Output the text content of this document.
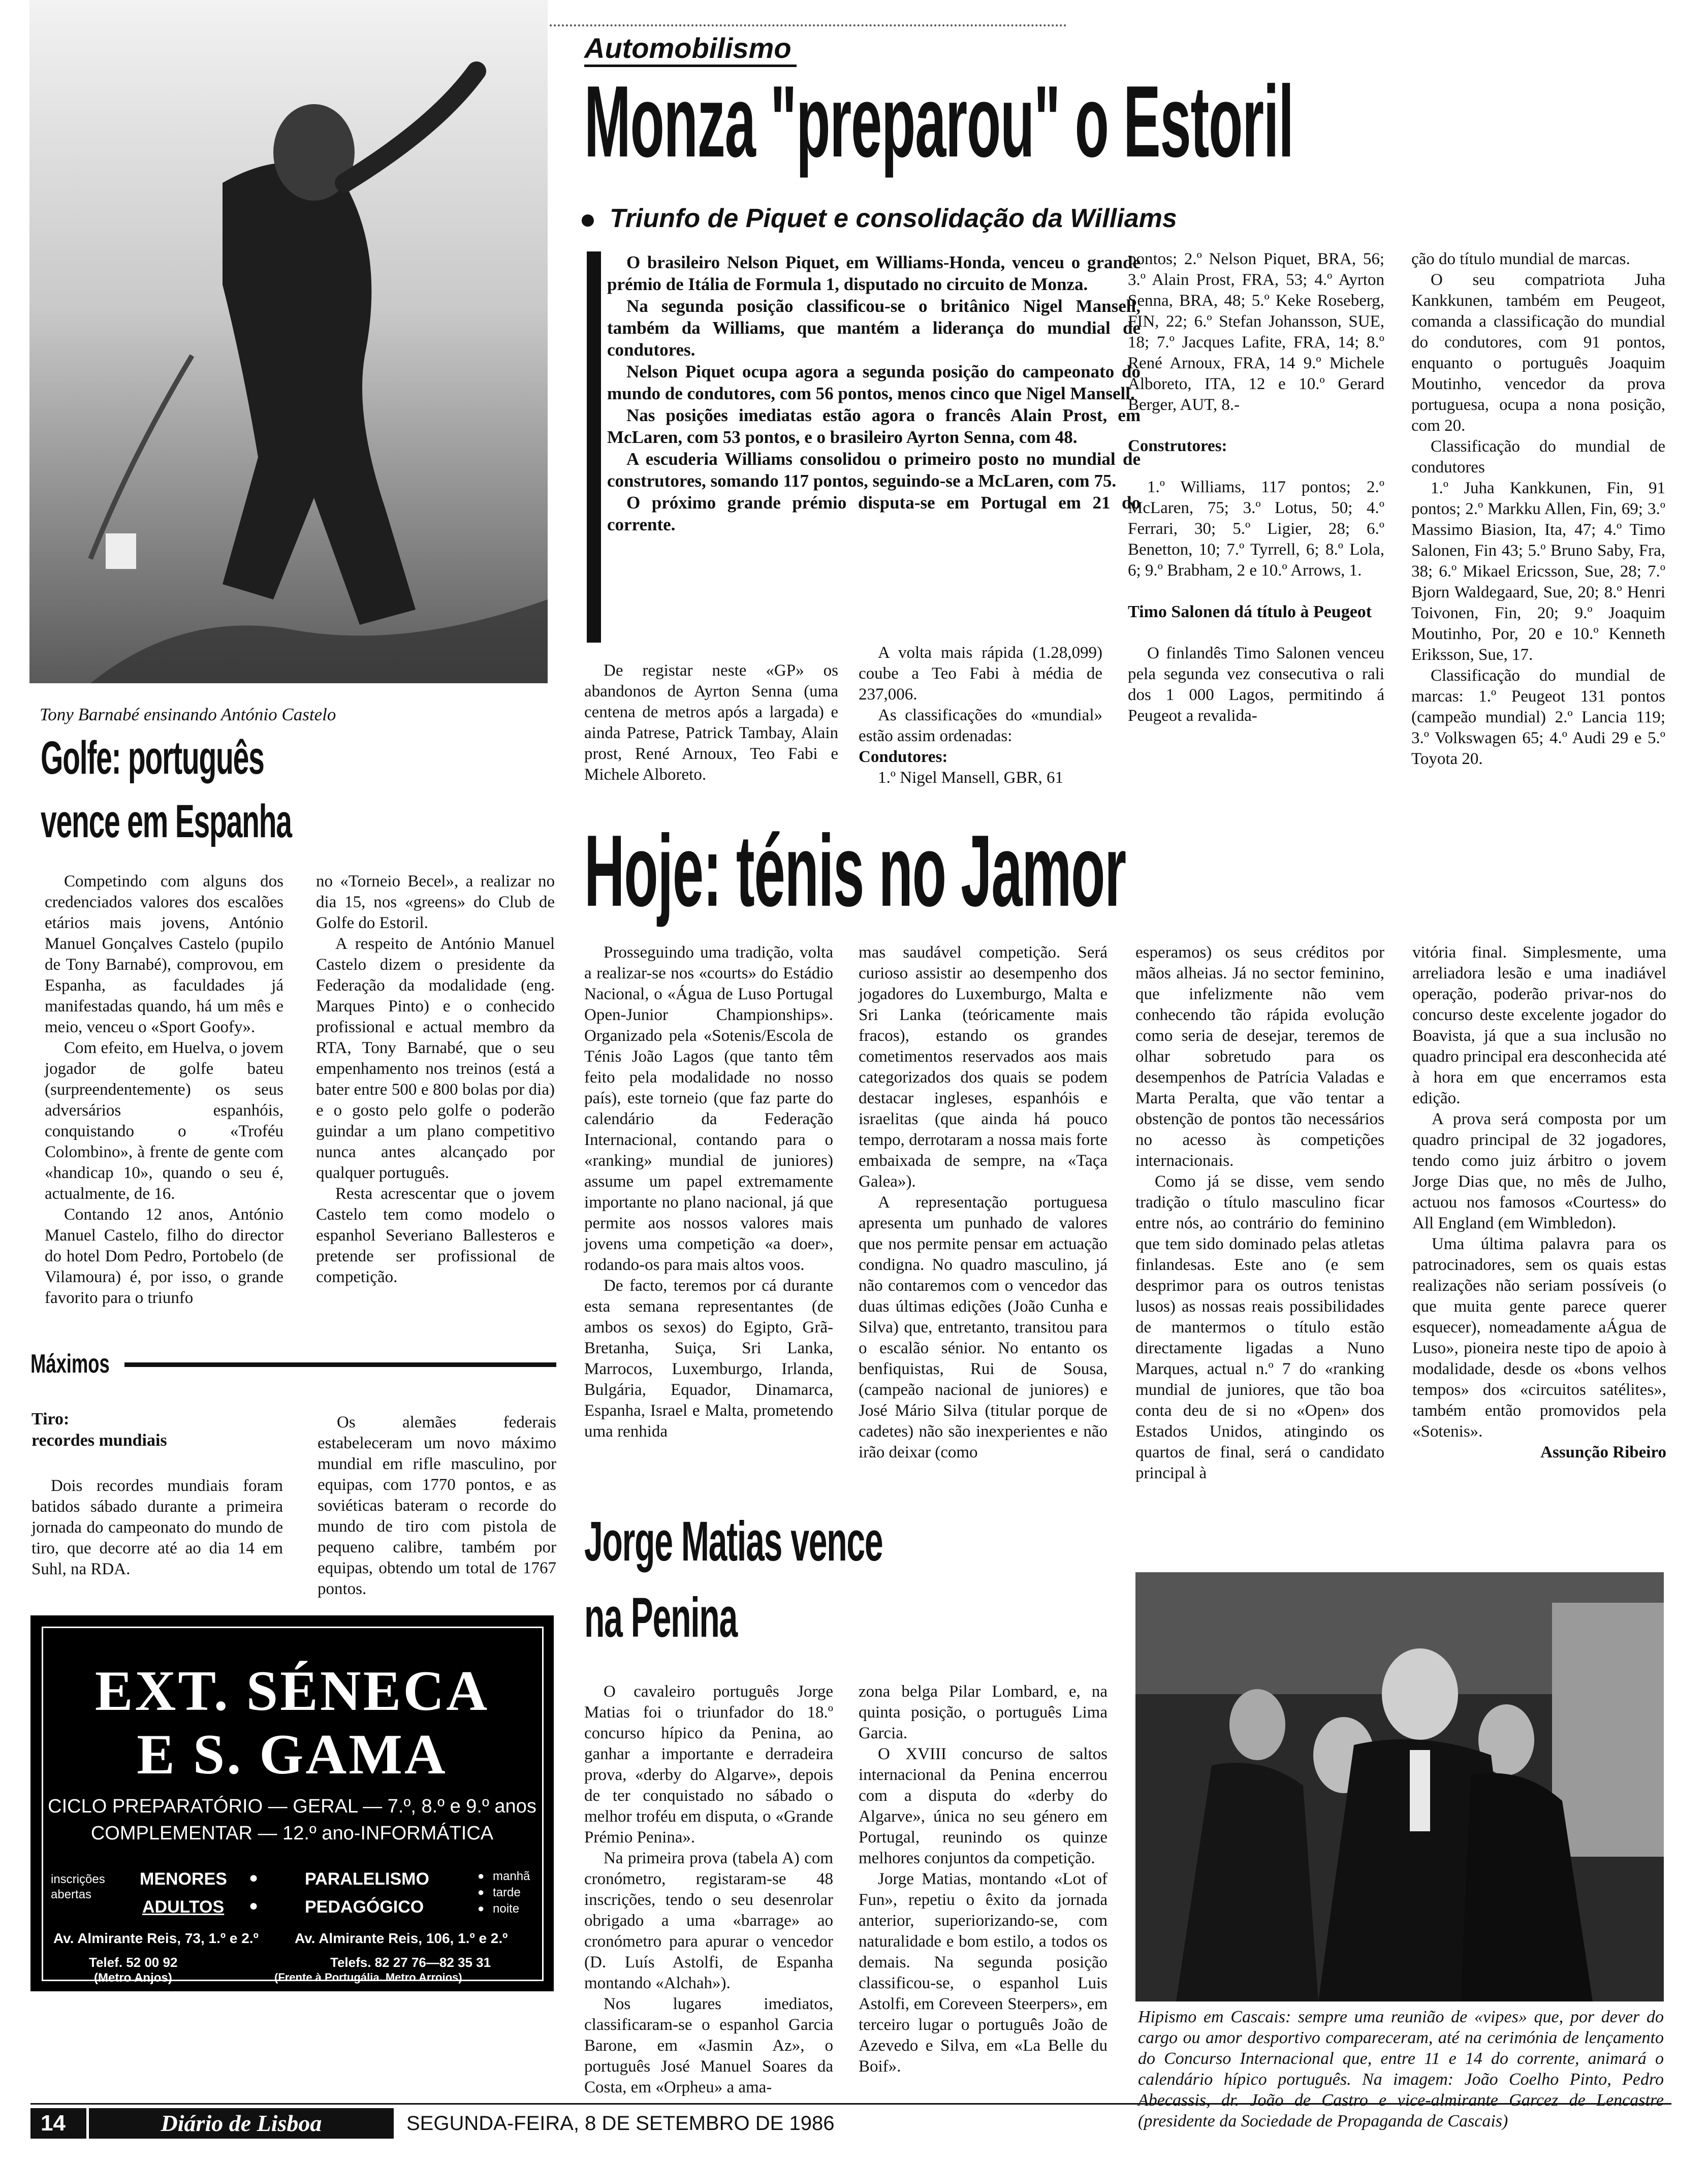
Tony Barnabé ensinando António Castelo
Golfe: português
vence em Espanha

Competindo com alguns dos credenciados valores dos escalões etários mais jovens, António Manuel Gonçalves Castelo (pupilo de Tony Barnabé), comprovou, em Espanha, as faculdades já manifestadas quando, há um mês e meio, venceu o «Sport Goofy».

Com efeito, em Huelva, o jovem jogador de golfe bateu (surpreendentemente) os seus adversários espanhóis, conquistando o «Troféu Colombino», à frente de gente com «handicap 10», quando o seu é, actualmente, de 16.

Contando 12 anos, António Manuel Castelo, filho do director do hotel Dom Pedro, Portobelo (de Vilamoura) é, por isso, o grande favorito para o triunfo

no «Torneio Becel», a realizar no dia 15, nos «greens» do Club de Golfe do Estoril.

A respeito de António Manuel Castelo dizem o presidente da Federação da modalidade (eng. Marques Pinto) e o conhecido profissional e actual membro da RTA, Tony Barnabé, que o seu empenhamento nos treinos (está a bater entre 500 e 800 bolas por dia) e o gosto pelo golfe o poderão guindar a um plano competitivo nunca antes alcançado por qualquer português.

Resta acrescentar que o jovem Castelo tem como modelo o espanhol Severiano Ballesteros e pretende ser profissional de competição.

Máximos
Tiro:
recordes mundiais

Dois recordes mundiais foram batidos sábado durante a primeira jornada do campeonato do mundo de tiro, que decorre até ao dia 14 em Suhl, na RDA.

Os alemães federais estabeleceram um novo máximo mundial em rifle masculino, por equipas, com 1770 pontos, e as soviéticas bateram o recorde do mundo de tiro com pistola de pequeno calibre, também por equipas, obtendo um total de 1767 pontos.

EXT. SÉNECA
E S. GAMA
CICLO PREPARATÓRIO — GERAL — 7.º, 8.º e 9.º anos
COMPLEMENTAR — 12.º ano-INFORMÁTICA
inscrições abertas
MENORES ●
ADULTOS ●
PARALELISMO
PEDAGÓGICO
● manhã
● tarde
● noite
Av. Almirante Reis, 73, 1.º e 2.º	Av. Almirante Reis, 106, 1.º e 2.º
Telef. 52 00 92	Telefs. 82 27 76—82 35 31
(Metro Anjos)	(Frente à Portugália. Metro Arroios)
Automobilismo
Monza "preparou" o Estoril
● Triunfo de Piquet e consolidação da Williams

O brasileiro Nelson Piquet, em Williams-Honda, venceu o grande prémio de Itália de Formula 1, disputado no circuito de Monza.

Na segunda posição classificou-se o britânico Nigel Mansell, também da Williams, que mantém a liderança do mundial de condutores.

Nelson Piquet ocupa agora a segunda posição do campeonato do mundo de condutores, com 56 pontos, menos cinco que Nigel Mansell.

Nas posições imediatas estão agora o francês Alain Prost, em McLaren, com 53 pontos, e o brasileiro Ayrton Senna, com 48.

A escuderia Williams consolidou o primeiro posto no mundial de construtores, somando 117 pontos, seguindo-se a McLaren, com 75.

O próximo grande prémio disputa-se em Portugal em 21 do corrente.

De registar neste «GP» os abandonos de Ayrton Senna (uma centena de metros após a largada) e ainda Patrese, Patrick Tambay, Alain prost, René Arnoux, Teo Fabi e Michele Alboreto.

A volta mais rápida (1.28,099) coube a Teo Fabi à média de 237,006.

As classificações do «mundial» estão assim ordenadas:

Condutores:

1.º Nigel Mansell, GBR, 61

pontos; 2.º Nelson Piquet, BRA, 56; 3.º Alain Prost, FRA, 53; 4.º Ayrton Senna, BRA, 48; 5.º Keke Roseberg, FIN, 22; 6.º Stefan Johansson, SUE, 18; 7.º Jacques Lafite, FRA, 14; 8.º René Arnoux, FRA, 14 9.º Michele Alboreto, ITA, 12 e 10.º Gerard Berger, AUT, 8.-

Construtores:

1.º Williams, 117 pontos; 2.º McLaren, 75; 3.º Lotus, 50; 4.º Ferrari, 30; 5.º Ligier, 28; 6.º Benetton, 10; 7.º Tyrrell, 6; 8.º Lola, 6; 9.º Brabham, 2 e 10.º Arrows, 1.

Timo Salonen dá título à Peugeot

O finlandês Timo Salonen venceu pela segunda vez consecutiva o rali dos 1 000 Lagos, permitindo á Peugeot a revalida-

ção do título mundial de marcas.

O seu compatriota Juha Kankkunen, também em Peugeot, comanda a classificação do mundial do condutores, com 91 pontos, enquanto o português Joaquim Moutinho, vencedor da prova portuguesa, ocupa a nona posição, com 20.

Classificação do mundial de condutores

1.º Juha Kankkunen, Fin, 91 pontos; 2.º Markku Allen, Fin, 69; 3.º Massimo Biasion, Ita, 47; 4.º Timo Salonen, Fin 43; 5.º Bruno Saby, Fra, 38; 6.º Mikael Ericsson, Sue, 28; 7.º Bjorn Waldegaard, Sue, 20; 8.º Henri Toivonen, Fin, 20; 9.º Joaquim Moutinho, Por, 20 e 10.º Kenneth Eriksson, Sue, 17.

Classificação do mundial de marcas: 1.º Peugeot 131 pontos (campeão mundial) 2.º Lancia 119; 3.º Volkswagen 65; 4.º Audi 29 e 5.º Toyota 20.

Hoje: ténis no Jamor

Prosseguindo uma tradição, volta a realizar-se nos «courts» do Estádio Nacional, o «Água de Luso Portugal Open-Junior Championships». Organizado pela «Sotenis/Escola de Ténis João Lagos (que tanto têm feito pela modalidade no nosso país), este torneio (que faz parte do calendário da Federação Internacional, contando para o «ranking» mundial de juniores) assume um papel extremamente importante no plano nacional, já que permite aos nossos valores mais jovens uma competição «a doer», rodando-os para mais altos voos.

De facto, teremos por cá durante esta semana representantes (de ambos os sexos) do Egipto, Grã-Bretanha, Suiça, Sri Lanka, Marrocos, Luxemburgo, Irlanda, Bulgária, Equador, Dinamarca, Espanha, Israel e Malta, prometendo uma renhida

mas saudável competição. Será curioso assistir ao desempenho dos jogadores do Luxemburgo, Malta e Sri Lanka (teóricamente mais fracos), estando os grandes cometimentos reservados aos mais categorizados dos quais se podem destacar ingleses, espanhóis e israelitas (que ainda há pouco tempo, derrotaram a nossa mais forte embaixada de sempre, na «Taça Galea»).

A representação portuguesa apresenta um punhado de valores que nos permite pensar em actuação condigna. No quadro masculino, já não contaremos com o vencedor das duas últimas edições (João Cunha e Silva) que, entretanto, transitou para o escalão sénior. No entanto os benfiquistas, Rui de Sousa, (campeão nacional de juniores) e José Mário Silva (titular porque de cadetes) não são inexperientes e não irão deixar (como

esperamos) os seus créditos por mãos alheias. Já no sector feminino, que infelizmente não vem conhecendo tão rápida evolução como seria de desejar, teremos de olhar sobretudo para os desempenhos de Patrícia Valadas e Marta Peralta, que vão tentar a obstenção de pontos tão necessários no acesso às competições internacionais.

Como já se disse, vem sendo tradição o título masculino ficar entre nós, ao contrário do feminino que tem sido dominado pelas atletas finlandesas. Este ano (e sem desprimor para os outros tenistas lusos) as nossas reais possibilidades de mantermos o título estão directamente ligadas a Nuno Marques, actual n.º 7 do «ranking mundial de juniores, que tão boa conta deu de si no «Open» dos Estados Unidos, atingindo os quartos de final, será o candidato principal à

vitória final. Simplesmente, uma arreliadora lesão e uma inadiável operação, poderão privar-nos do concurso deste excelente jogador do Boavista, já que a sua inclusão no quadro principal era desconhecida até à hora em que encerramos esta edição.

A prova será composta por um quadro principal de 32 jogadores, tendo como juiz árbitro o jovem Jorge Dias que, no mês de Julho, actuou nos famosos «Courtess» do All England (em Wimbledon).

Uma última palavra para os patrocinadores, sem os quais estas realizações não seriam possíveis (o que muita gente parece querer esquecer), nomeadamente aÁgua de Luso», pioneira neste tipo de apoio à modalidade, desde os «bons velhos tempos» dos «circuitos satélites», também então promovidos pela «Sotenis».

Assunção Ribeiro
Jorge Matias vence
na Penina

O cavaleiro português Jorge Matias foi o triunfador do 18.º concurso hípico da Penina, ao ganhar a importante e derradeira prova, «derby do Algarve», depois de ter conquistado no sábado o melhor troféu em disputa, o «Grande Prémio Penina».

Na primeira prova (tabela A) com cronómetro, registaram-se 48 inscrições, tendo o seu desenrolar obrigado a uma «barrage» ao cronómetro para apurar o vencedor (D. Luís Astolfi, de Espanha montando «Alchah»).

Nos lugares imediatos, classificaram-se o espanhol Garcia Barone, em «Jasmin Az», o português José Manuel Soares da Costa, em «Orpheu» a ama-

zona belga Pilar Lombard, e, na quinta posição, o português Lima Garcia.

O XVIII concurso de saltos internacional da Penina encerrou com a disputa do «derby do Algarve», única no seu género em Portugal, reunindo os quinze melhores conjuntos da competição.

Jorge Matias, montando «Lot of Fun», repetiu o êxito da jornada anterior, superiorizando-se, com naturalidade e bom estilo, a todos os demais. Na segunda posição classificou-se, o espanhol Luis Astolfi, em Coreveen Steerpers», em terceiro lugar o português João de Azevedo e Silva, em «La Belle du Boif».

Hipismo em Cascais: sempre uma reunião de «vipes» que, por dever do cargo ou amor desportivo compareceram, até na cerimónia de lençamento do Concurso Internacional que, entre 11 e 14 do corrente, animará o calendário hípico português. Na imagem: João Coelho Pinto, Pedro Abecassis, dr. João de Castro e vice-almirante Garcez de Lencastre (presidente da Sociedade de Propaganda de Cascais)
14	Diário de Lisboa	SEGUNDA-FEIRA, 8 DE SETEMBRO DE 1986
